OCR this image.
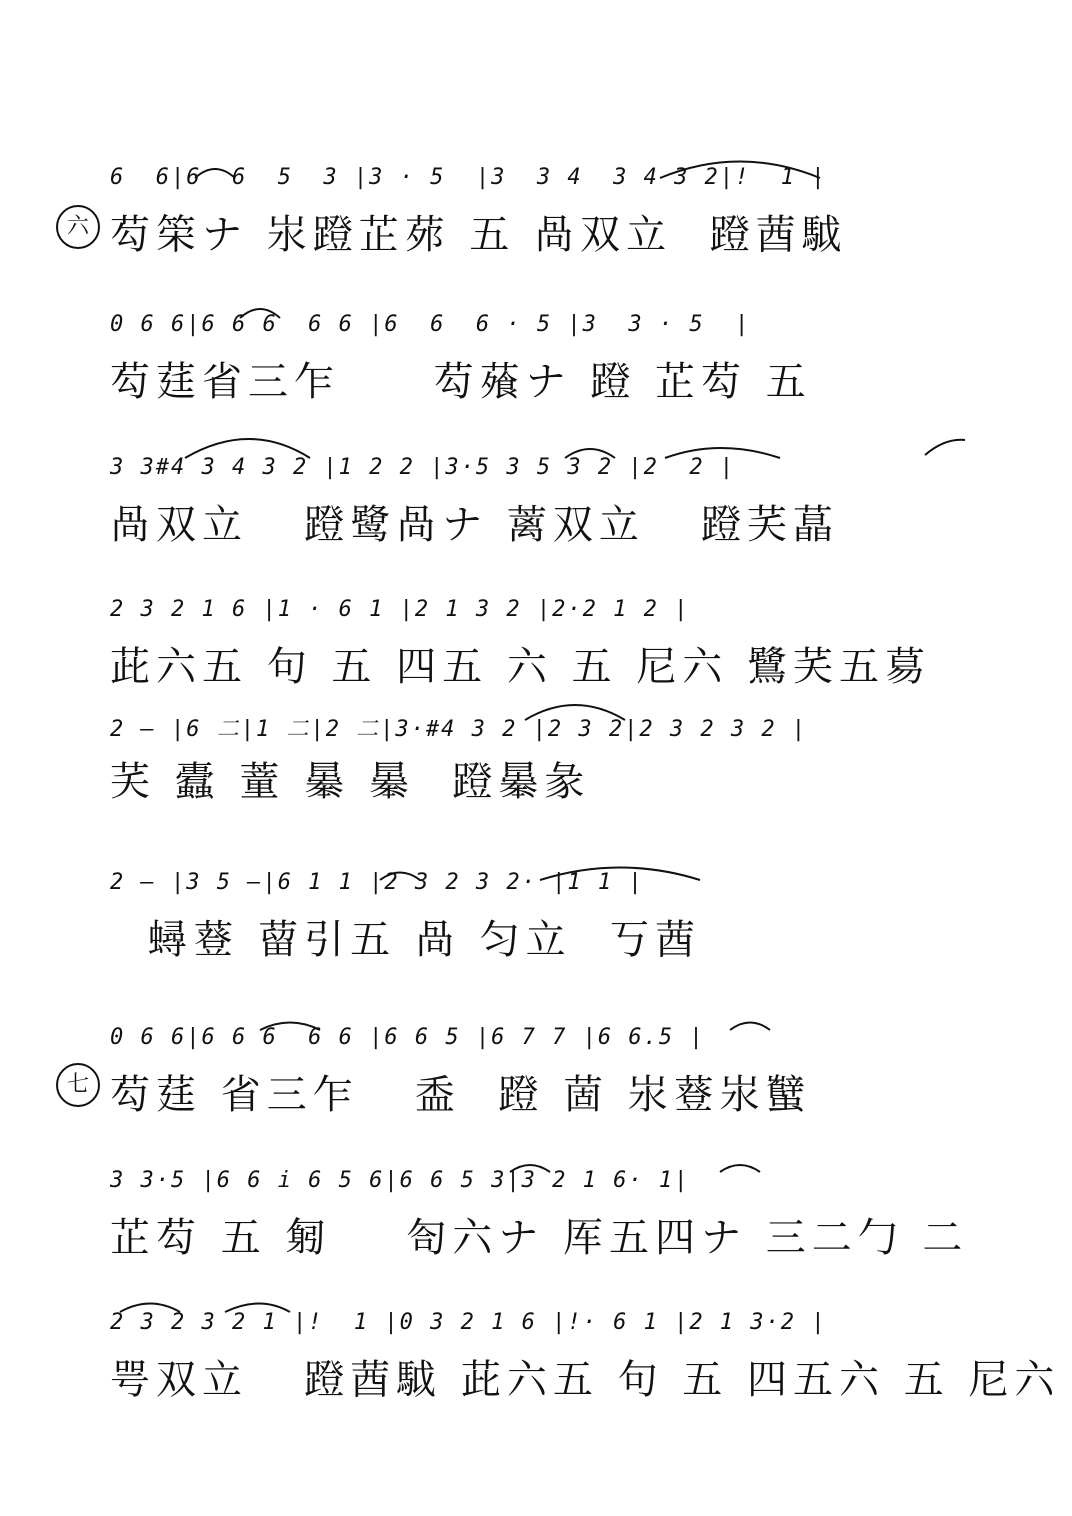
六
6  6|6  6  5  3 |3 · 5  |3  3 4  3 4 3 2|!  1 |
芶筞ナ 汖蹬芷茒 五 咼双立  蹬莤䮅
0 6 6|6 6 6  6 6 |6  6  6 · 5 |3  3 · 5  |
芶莛省三乍     芶蕵ナ 蹬 芷芶 五
3 3#4 3 4 3 2 |1 2 2 |3·5 3 5 3 2 |2  2 |
咼双立   蹬鹭咼ナ 蓠双立   蹬芺蕌
2 3 2 1 6 |1 · 6 1 |2 1 3 2 |2·2 1 2 |
茈六五 句 五 四五 六 五 尼六 鷺芺五䓪
2 — |6 二|1 二|2 二|3·#4 3 2 |2 3 2|2 3 2 3 2 |
芺 蠹 蕫 曓 曓  蹬曓彖
2 — |3 5 —|6 1 1 |2 3 2 3 2· |1 1 |
蟳䔲 蒥引五 咼 匀立  丂莤
七
0 6 6|6 6 6  6 6 |6 6 5 |6 7 7 |6 6.5 |
芶莛 省三乍   盉  蹬 䓢 汖䔲汖蠥
3 3·5 |6 6 i 6 5 6|6 6 5 3|3 2 1 6· 1|
芷芶 五 匑    匌六ナ 厍五四ナ 三二勹 二
2 3 2 3 2 1 |!  1 |0 3 2 1 6 |!· 6 1 |2 1 3·2 |
咢双立   蹬莤䮅 茈六五 句 五 四五六 五 尼六
